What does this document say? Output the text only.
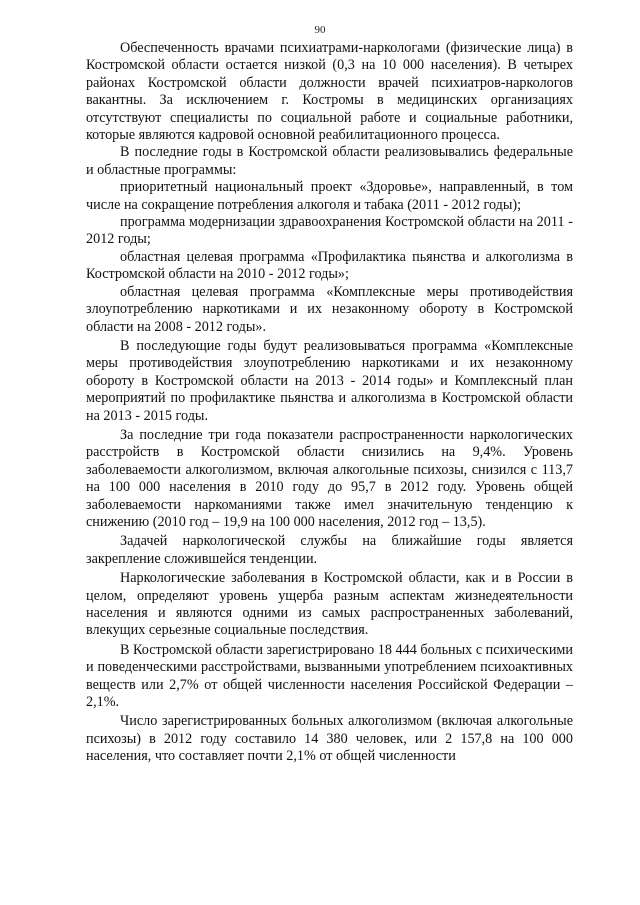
90

Обеспеченность врачами психиатрами-наркологами (физические лица) в Костромской области остается низкой (0,3 на 10 000 населения). В четырех районах Костромской области должности врачей психиатров-наркологов вакантны. За исключением г. Костромы в медицинских организациях отсутствуют специалисты по социальной работе и социальные работники, которые являются кадровой основной реабилитационного процесса.

В последние годы в Костромской области реализовывались федеральные и областные программы:

приоритетный национальный проект «Здоровье», направленный, в том числе на сокращение потребления алкоголя и табака (2011 - 2012 годы);

программа модернизации здравоохранения Костромской области на 2011 - 2012 годы;

областная целевая программа «Профилактика пьянства и алкоголизма в Костромской области на 2010 - 2012 годы»;

областная целевая программа «Комплексные меры противодействия злоупотреблению наркотиками и их незаконному обороту в Костромской области на 2008 - 2012 годы».

В последующие годы будут реализовываться программа «Комплексные меры противодействия злоупотреблению наркотиками и их незаконному обороту в Костромской области на 2013 - 2014 годы» и Комплексный план мероприятий по профилактике пьянства и алкоголизма в Костромской области на 2013 - 2015 годы.

За последние три года показатели распространенности наркологических расстройств в Костромской области снизились на 9,4%. Уровень заболеваемости алкоголизмом, включая алкогольные психозы, снизился с 113,7 на 100 000 населения в 2010 году до 95,7 в 2012 году. Уровень общей заболеваемости наркоманиями также имел значительную тенденцию к снижению (2010 год – 19,9 на 100 000 населения, 2012 год – 13,5).

Задачей наркологической службы на ближайшие годы является закрепление сложившейся тенденции.

Наркологические заболевания в Костромской области, как и в России в целом, определяют уровень ущерба разным аспектам жизнедеятельности населения и являются одними из самых распространенных заболеваний, влекущих серьезные социальные последствия.

В Костромской области зарегистрировано 18 444 больных с психическими и поведенческими расстройствами, вызванными употреблением психоактивных веществ или 2,7% от общей численности населения Российской Федерации – 2,1%.

Число зарегистрированных больных алкоголизмом (включая алкогольные психозы) в 2012 году составило 14 380 человек, или 2 157,8 на 100 000 населения, что составляет почти 2,1% от общей численности
